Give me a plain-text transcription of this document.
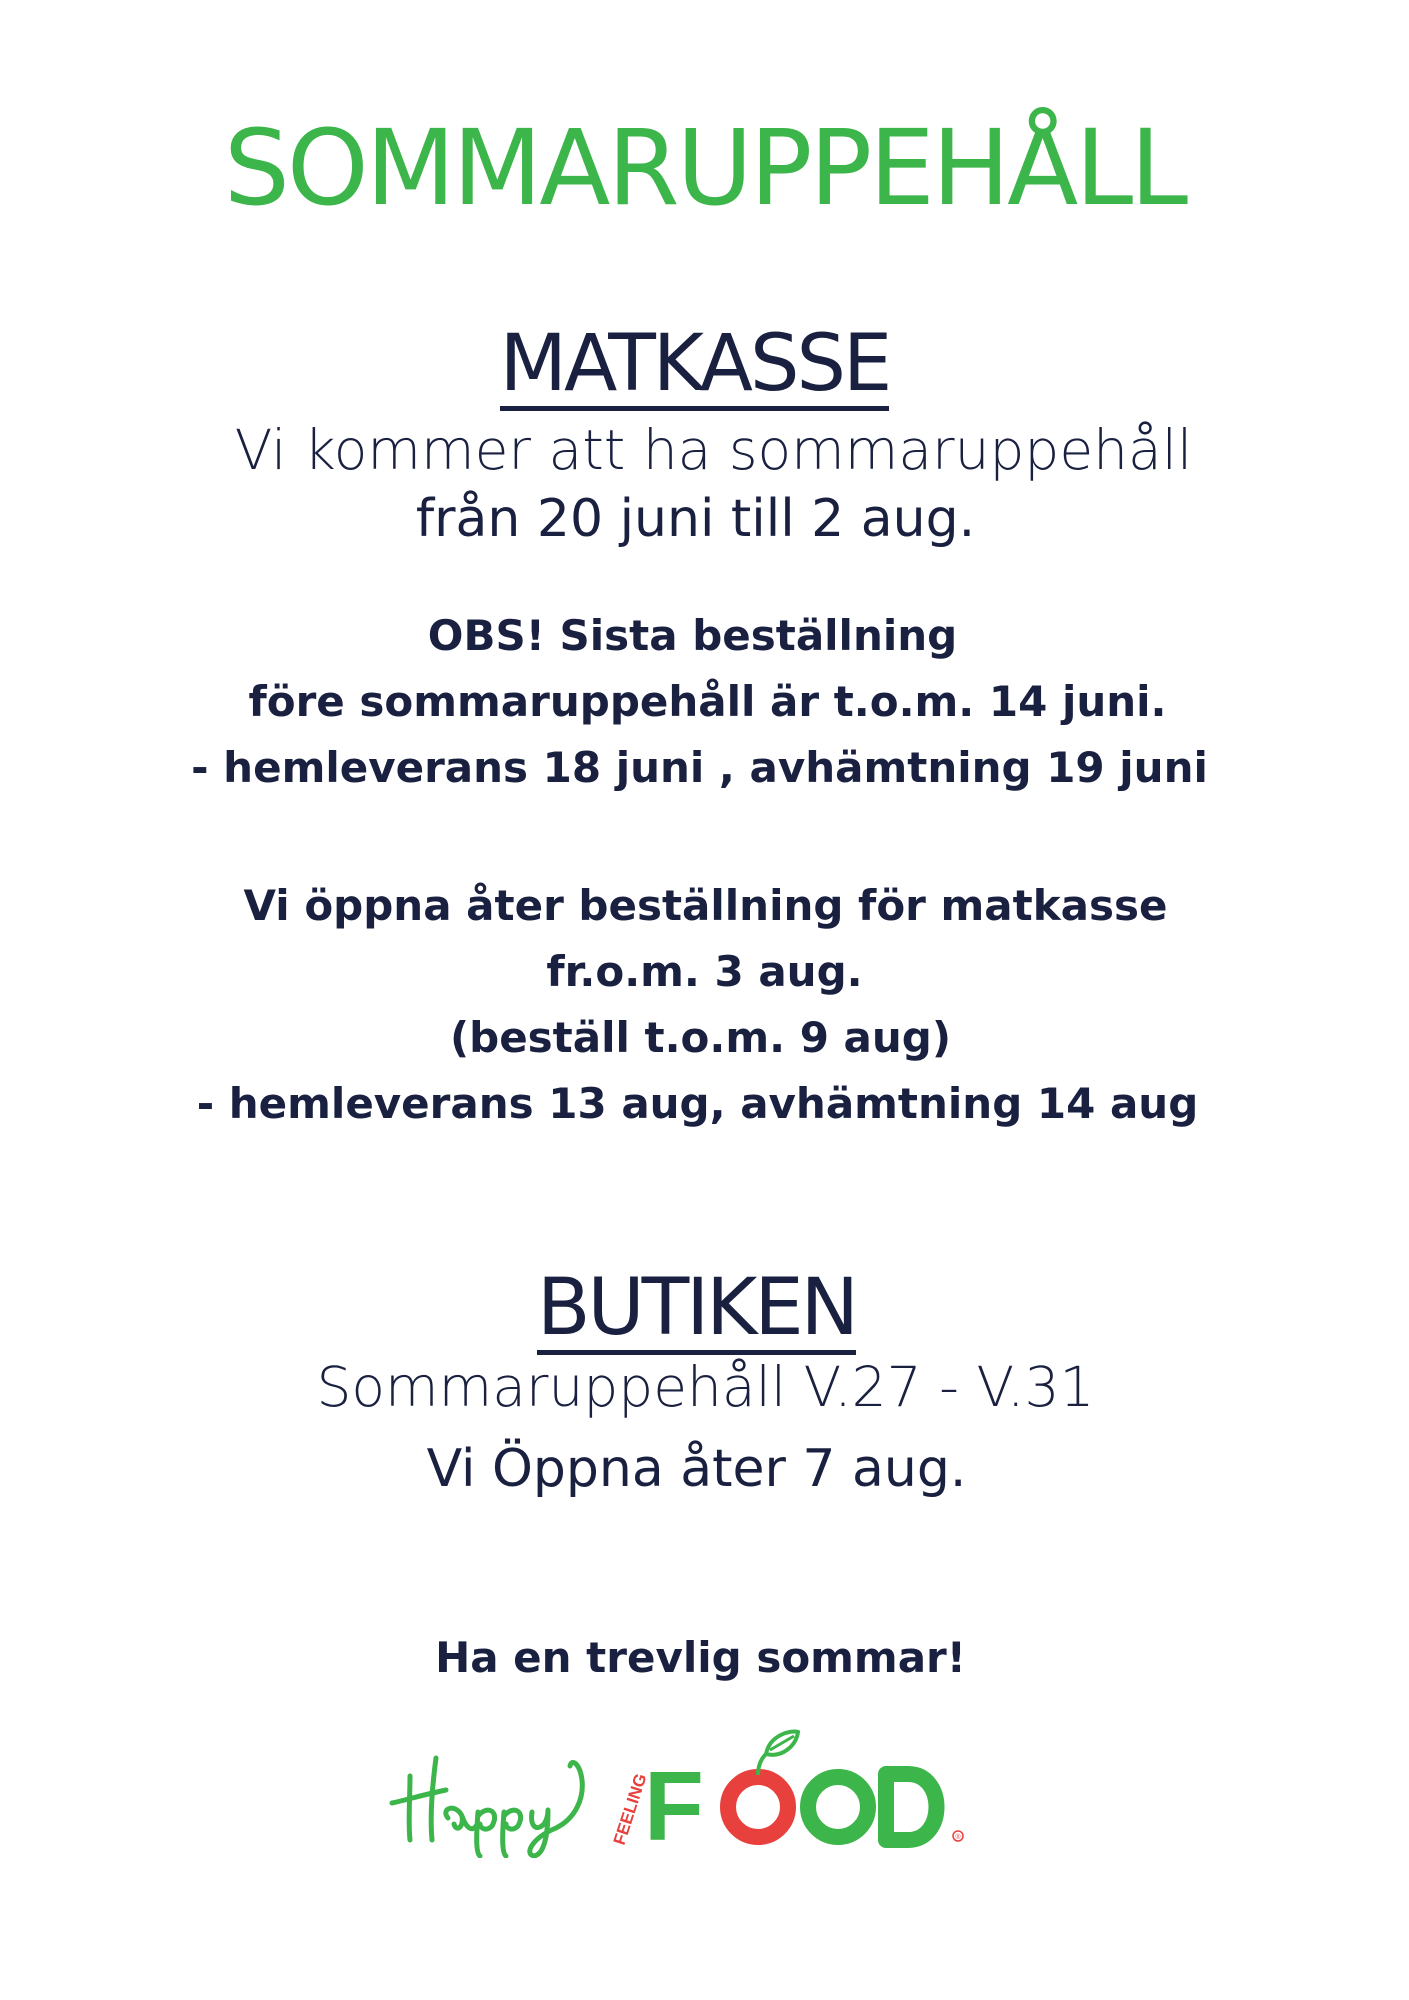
SOMMARUPPEHÅLL
MATKASSE
Vi kommer att ha sommaruppehåll
från 20 juni till 2 aug.
OBS! Sista beställning
före sommaruppehåll är t.o.m. 14 juni.
- hemleverans 18 juni , avhämtning 19 juni
Vi öppna åter beställning för matkasse
fr.o.m. 3 aug.
(beställ t.o.m. 9 aug)
- hemleverans 13 aug, avhämtning 14 aug
BUTIKEN
Sommaruppehåll V.27 - V.31
Vi Öppna åter 7 aug.
Ha en trevlig sommar!
FEELING
F	®
